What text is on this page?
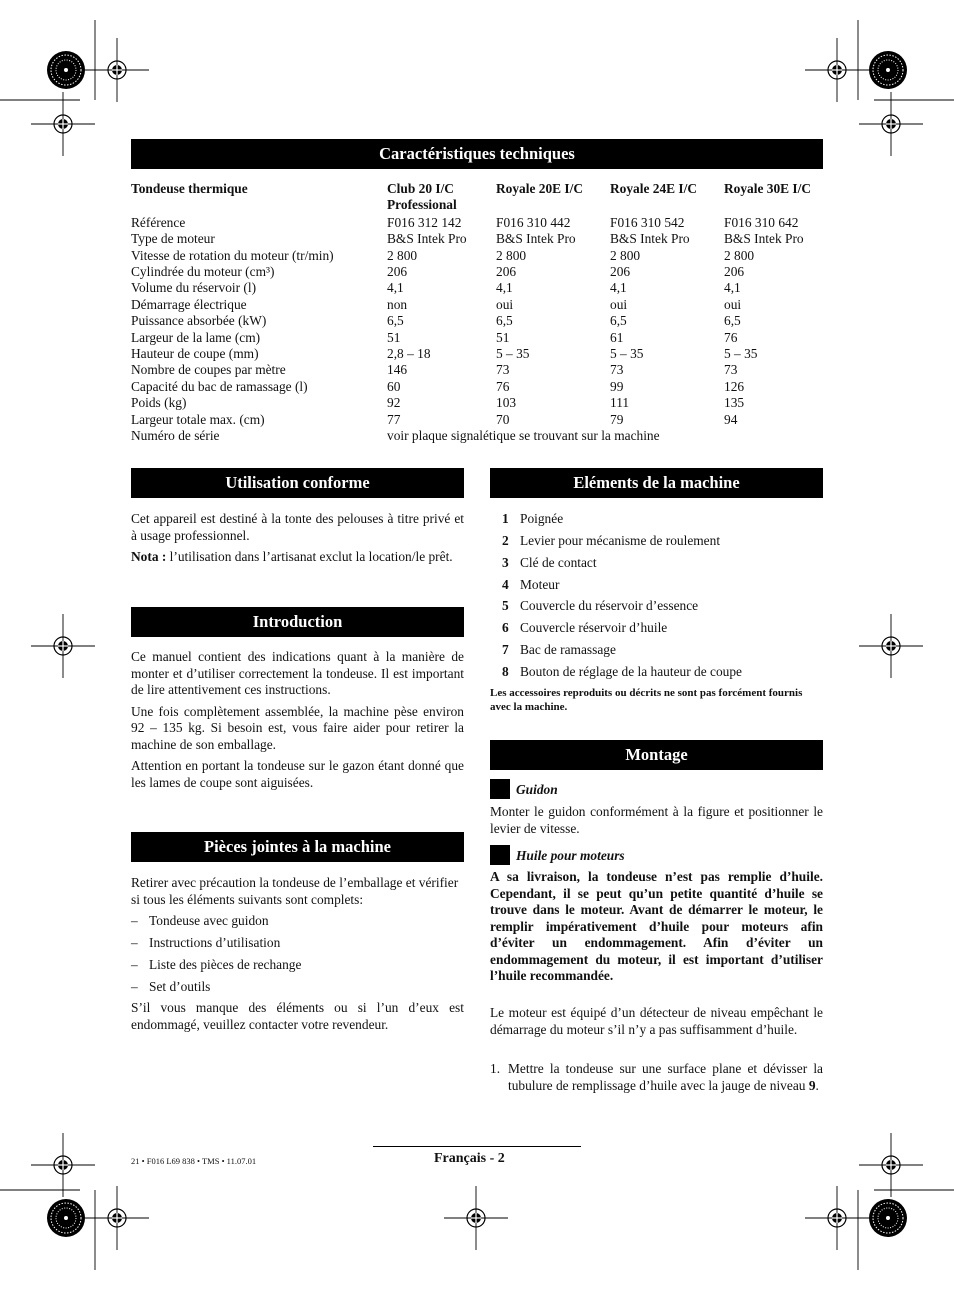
Caractéristiques techniques
Tondeuse thermique	Club 20 I/C Professional	Royale 20E I/C	Royale 24E I/C	Royale 30E I/C
Référence	F016 312 142	F016 310 442	F016 310 542	F016 310 642
Type de moteur	B&S Intek Pro	B&S Intek Pro	B&S Intek Pro	B&S Intek Pro
Vitesse de rotation du moteur (tr/min)	2 800	2 800	2 800	2 800
Cylindrée du moteur (cm³)	206	206	206	206
Volume du réservoir (l)	4,1	4,1	4,1	4,1
Démarrage électrique	non	oui	oui	oui
Puissance absorbée (kW)	6,5	6,5	6,5	6,5
Largeur de la lame (cm)	51	51	61	76
Hauteur de coupe (mm)	2,8 – 18	5 – 35	5 – 35	5 – 35
Nombre de coupes par mètre	146	73	73	73
Capacité du bac de ramassage (l)	60	76	99	126
Poids (kg)	92	103	111	135
Largeur totale max. (cm)	77	70	79	94
Numéro de série	voir plaque signalétique se trouvant sur la machine			
Utilisation conforme

Cet appareil est destiné à la tonte des pelouses à titre privé et à usage professionnel.

Nota : l’utilisation dans l’artisanat exclut la location/le prêt.

Introduction

Ce manuel contient des indications quant à la manière de monter et d’utiliser correctement la tondeuse. Il est important de lire attentivement ces instructions.

Une fois complètement assemblée, la machine pèse environ 92 – 135 kg. Si besoin est, vous faire aider pour retirer la machine de son emballage.

Attention en portant la tondeuse sur le gazon étant donné que les lames de coupe sont aiguisées.

Pièces jointes à la machine
Retirer avec précaution la tondeuse de l’emballage et vérifier si tous les éléments suivants sont complets:
– Tondeuse avec guidon
– Instructions d’utilisation
– Liste des pièces de rechange
– Set d’outils
S’il vous manque des éléments ou si l’un d’eux est endommagé, veuillez contacter votre revendeur.
Eléments de la machine
1 Poignée
2 Levier pour mécanisme de roulement
3 Clé de contact
4 Moteur
5 Couvercle du réservoir d’essence
6 Couvercle réservoir d’huile
7 Bac de ramassage
8 Bouton de réglage de la hauteur de coupe
Les accessoires reproduits ou décrits ne sont pas forcément fournis avec la machine.
Montage
Guidon
Monter le guidon conformément à la figure et positionner le levier de vitesse.
Huile pour moteurs
A sa livraison, la tondeuse n’est pas remplie d’huile. Cependant, il se peut qu’un petite quantité d’huile se trouve dans le moteur. Avant de démarrer le moteur, le remplir impérativement d’huile pour moteurs afin d’éviter un endommagement. Afin d’éviter un endommagement du moteur, il est important d’utiliser l’huile recommandée.
Le moteur est équipé d’un détecteur de niveau empêchant le démarrage du moteur s’il n’y a pas suffisamment d’huile.
1. Mettre la tondeuse sur une surface plane et dévisser la tubulure de remplissage d’huile avec la jauge de niveau 9.
21 • F016 L69 838 • TMS • 11.07.01	Français - 2
